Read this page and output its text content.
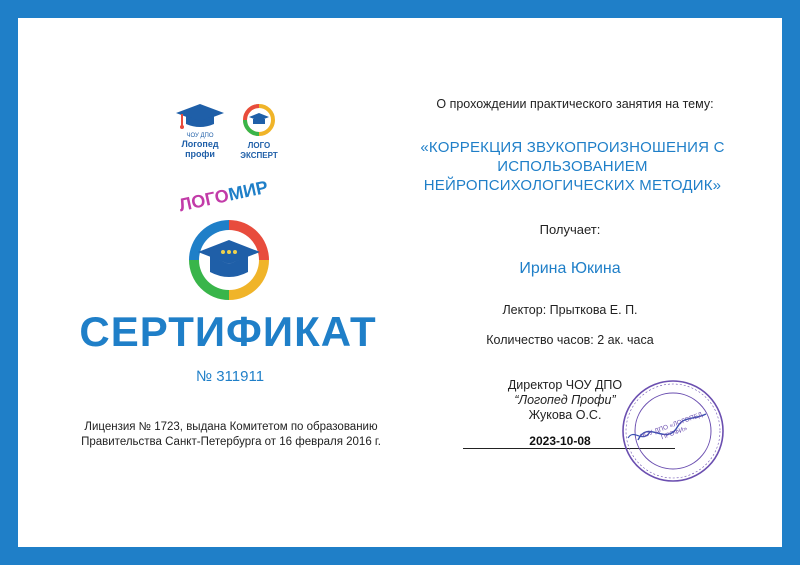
ЧОУ ДПО
Логопед
профи
ЛОГО
ЭКСПЕРТ
ЛОГОМИР
СЕРТИФИКАТ
№ 311911
Лицензия № 1723, выдана Комитетом по образованию
Правительства Санкт-Петербурга от 16 февраля 2016 г.
О прохождении практического занятия на тему:
«КОРРЕКЦИЯ ЗВУКОПРОИЗНОШЕНИЯ С
ИСПОЛЬЗОВАНИЕМ
НЕЙРОПСИХОЛОГИЧЕСКИХ МЕТОДИК»
Получает:
Ирина Юкина
Лектор: Прыткова Е. П.
Количество часов: 2 ак. часа
Директор ЧОУ ДПО
“Логопед Профи”
Жукова О.С.
2023-10-08
ЧОУ ДПО «ЛОГОПЕД ПРОФИ»
